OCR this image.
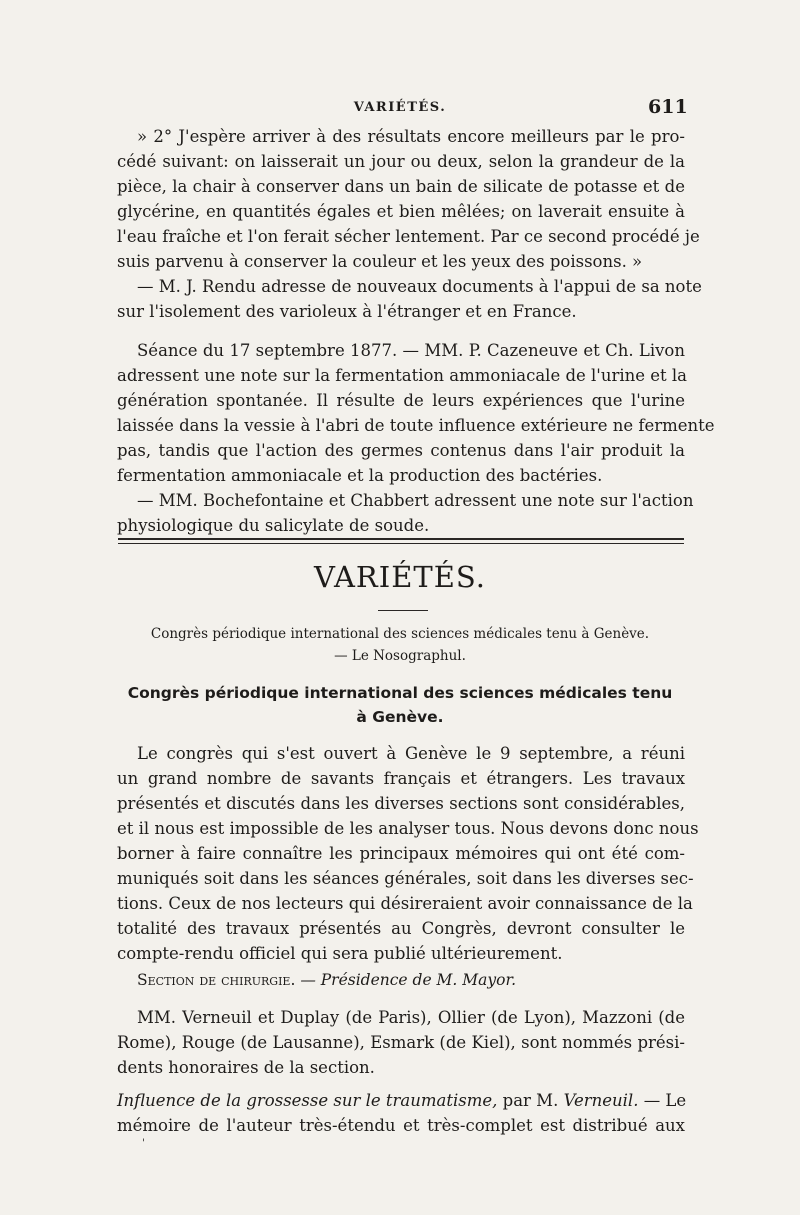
VARIÉTÉS.	611
» 2° J'espère arriver à des résultats encore meilleurs par le pro-
cédé suivant: on laisserait un jour ou deux, selon la grandeur de la
pièce, la chair à conserver dans un bain de silicate de potasse et de
glycérine, en quantités égales et bien mêlées; on laverait ensuite à
l'eau fraîche et l'on ferait sécher lentement. Par ce second procédé je
suis parvenu à conserver la couleur et les yeux des poissons. »
— M. J. Rendu adresse de nouveaux documents à l'appui de sa note
sur l'isolement des varioleux à l'étranger et en France.
Séance du 17 septembre 1877. — MM. P. Cazeneuve et Ch. Livon
adressent une note sur la fermentation ammoniacale de l'urine et la
génération spontanée. Il résulte de leurs expériences que l'urine
laissée dans la vessie à l'abri de toute influence extérieure ne fermente
pas, tandis que l'action des germes contenus dans l'air produit la
fermentation ammoniacale et la production des bactéries.
— MM. Bochefontaine et Chabbert adressent une note sur l'action
physiologique du salicylate de soude.
VARIÉTÉS.
Congrès périodique international des sciences médicales tenu à Genève.
— Le Nosographul.
Congrès périodique international des sciences médicales tenu
à Genève.
Le congrès qui s'est ouvert à Genève le 9 septembre, a réuni
un grand nombre de savants français et étrangers. Les travaux
présentés et discutés dans les diverses sections sont considérables,
et il nous est impossible de les analyser tous. Nous devons donc nous
borner à faire connaître les principaux mémoires qui ont été com-
muniqués soit dans les séances générales, soit dans les diverses sec-
tions. Ceux de nos lecteurs qui désireraient avoir connaissance de la
totalité des travaux présentés au Congrès, devront consulter le
compte-rendu officiel qui sera publié ultérieurement.
Section de chirurgie. — Présidence de M. Mayor.
MM. Verneuil et Duplay (de Paris), Ollier (de Lyon), Mazzoni (de
Rome), Rouge (de Lausanne), Esmark (de Kiel), sont nommés prési-
dents honoraires de la section.
Influence de la grossesse sur le traumatisme, par M. Verneuil. — Le
mémoire de l'auteur très-étendu et très-complet est distribué aux
'
